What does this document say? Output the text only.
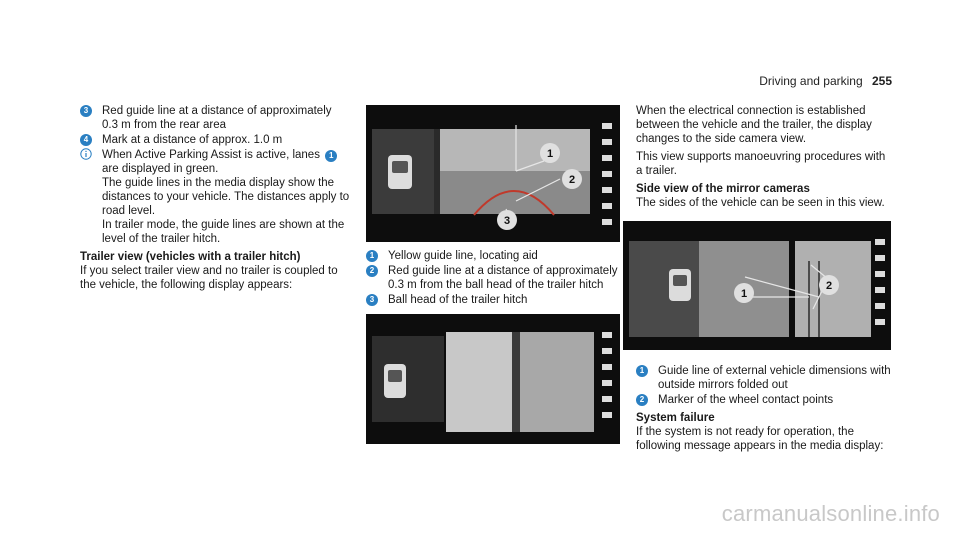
Driving and parking 255
3	Red guide line at a distance of approximately 0.3 m from the rear area

4	Mark at a distance of approx. 1.0 m

When Active Parking Assist is active, lanes 1 are displayed in green.

The guide lines in the media display show the distances to your vehicle. The distances apply to road level.

In trailer mode, the guide lines are shown at the level of the trailer hitch.

Trailer view (vehicles with a trailer hitch)

If you select trailer view and no trailer is coupled to the vehicle, the following display appears:

1
2
3
1	Yellow guide line, locating aid

2	Red guide line at a distance of approximately 0.3 m from the ball head of the trailer hitch

3	Ball head of the trailer hitch

When the electrical connection is established between the vehicle and the trailer, the display changes to the side camera view.

This view supports manoeuvring procedures with a trailer.

Side view of the mirror cameras

The sides of the vehicle can be seen in this view.

1
2
1	Guide line of external vehicle dimensions with outside mirrors folded out

2	Marker of the wheel contact points

System failure

If the system is not ready for operation, the following message appears in the media display:

carmanualsonline.info
